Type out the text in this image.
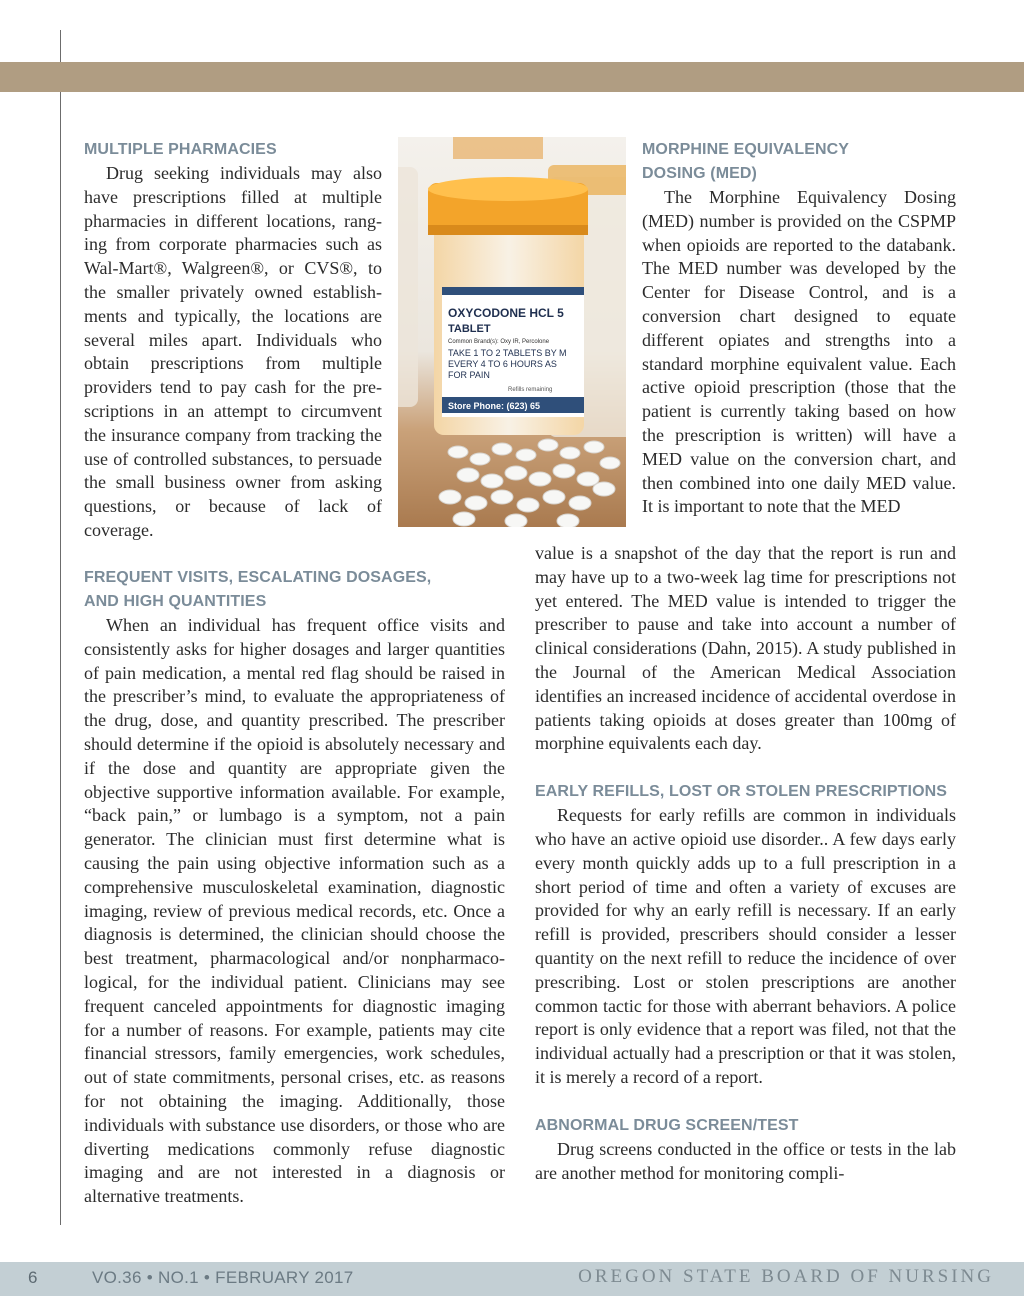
MULTIPLE PHARMACIES

Drug seeking individuals may also have prescriptions filled at multiple pharmacies in different locations, ranging from corporate pharmacies such as Wal-Mart®, Walgreen®, or CVS®, to the smaller privately owned establishments and typically, the locations are several miles apart. Individuals who obtain prescriptions from multiple providers tend to pay cash for the prescriptions in an attempt to circumvent the insurance company from tracking the use of controlled substances, to persuade the small business owner from asking questions, or because of lack of coverage.

OXYCODONE HCL 5
TABLET
Common Brand(s): Oxy IR, Percolone
TAKE 1 TO 2 TABLETS BY M
EVERY 4 TO 6 HOURS AS
FOR PAIN
Refills remaining
Store Phone: (623) 65
FREQUENT VISITS, ESCALATING DOSAGES,
AND HIGH QUANTITIES

When an individual has frequent office visits and consistently asks for higher dosages and larger quantities of pain medication, a mental red flag should be raised in the prescriber’s mind, to evaluate the appropriateness of the drug, dose, and quantity prescribed. The prescriber should determine if the opioid is absolutely necessary and if the dose and quantity are appropriate given the objective supportive information available. For example, “back pain,” or lumbago is a symptom, not a pain generator. The clinician must first determine what is causing the pain using objective information such as a comprehensive musculoskeletal examination, diagnostic imaging, review of previous medical records, etc. Once a diagnosis is determined, the clinician should choose the best treatment, pharmacological and/or nonpharmacological, for the individual patient. Clinicians may see frequent canceled appointments for diagnostic imaging for a number of reasons. For example, patients may cite financial stressors, family emergencies, work schedules, out of state commitments, personal crises, etc. as reasons for not obtaining the imaging. Additionally, those individuals with substance use disorders, or those who are diverting medications commonly refuse diagnostic imaging and are not interested in a diagnosis or alternative treatments.

MORPHINE EQUIVALENCY
DOSING (MED)

The Morphine Equivalency Dosing (MED) number is provided on the CSPMP when opioids are reported to the databank. The MED number was developed by the Center for Disease Control, and is a conversion chart designed to equate different opiates and strengths into a standard morphine equivalent value. Each active opioid prescription (those that the patient is currently taking based on how the prescription is written) will have a MED value on the conversion chart, and then combined into one daily MED value. It is important to note that the MED

value is a snapshot of the day that the report is run and may have up to a two-week lag time for prescriptions not yet entered. The MED value is intended to trigger the prescriber to pause and take into account a number of clinical considerations (Dahn, 2015). A study published in the Journal of the American Medical Association identifies an increased incidence of accidental overdose in patients taking opioids at doses greater than 100mg of morphine equivalents each day.

EARLY REFILLS, LOST OR STOLEN PRESCRIPTIONS

Requests for early refills are common in individuals who have an active opioid use disorder.. A few days early every month quickly adds up to a full prescription in a short period of time and often a variety of excuses are provided for why an early refill is necessary. If an early refill is provided, prescribers should consider a lesser quantity on the next refill to reduce the incidence of over prescribing. Lost or stolen prescriptions are another common tactic for those with aberrant behaviors. A police report is only evidence that a report was filed, not that the individual actually had a prescription or that it was stolen, it is merely a record of a report.

ABNORMAL DRUG SCREEN/TEST

Drug screens conducted in the office or tests in the lab are another method for monitoring compli-

6	VO.36 • NO.1 • FEBRUARY 2017	OREGON STATE BOARD OF NURSING
